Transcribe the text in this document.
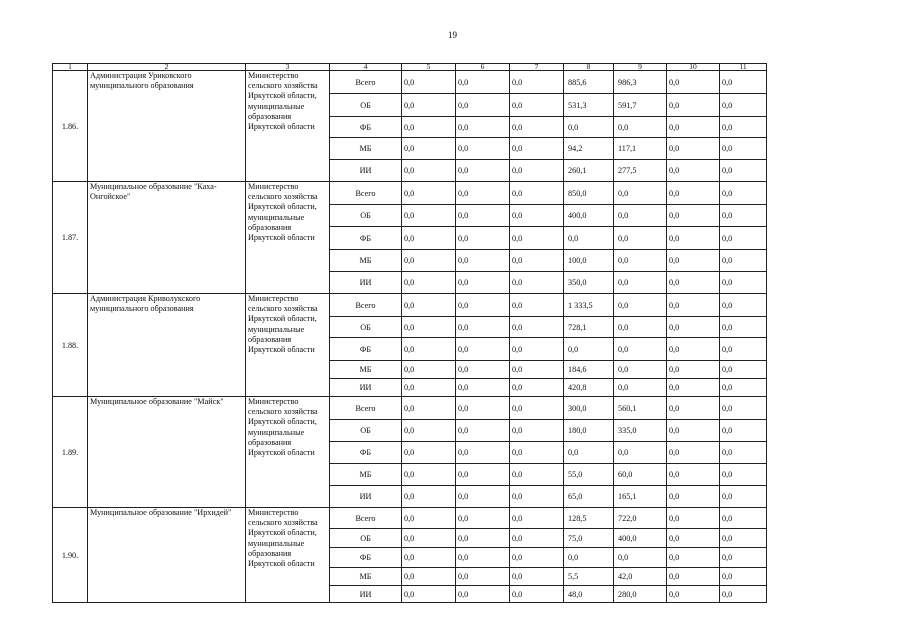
19
1	2	3	4	5	6	7	8	9	10	11
1.86.	Администрация Уриковского муниципального образования	Министерство сельского хозяйства Иркутской области, муниципальные образования Иркутской области	Всего	0,0	0,0	0,0	885,6	986,3	0,0	0,0
			ОБ	0,0	0,0	0,0	531,3	591,7	0,0	0,0
			ФБ	0,0	0,0	0,0	0,0	0,0	0,0	0,0
			МБ	0,0	0,0	0,0	94,2	117,1	0,0	0,0
			ИИ	0,0	0,0	0,0	260,1	277,5	0,0	0,0
1.87.	Муниципальное образование "Каха-Онгойское"	Министерство сельского хозяйства Иркутской области, муниципальные образования Иркутской области	Всего	0,0	0,0	0,0	850,0	0,0	0,0	0,0
			ОБ	0,0	0,0	0,0	400,0	0,0	0,0	0,0
			ФБ	0,0	0,0	0,0	0,0	0,0	0,0	0,0
			МБ	0,0	0,0	0,0	100,0	0,0	0,0	0,0
			ИИ	0,0	0,0	0,0	350,0	0,0	0,0	0,0
1.88.	Администрация Криволукского муниципального образования	Министерство сельского хозяйства Иркутской области, муниципальные образования Иркутской области	Всего	0,0	0,0	0,0	1 333,5	0,0	0,0	0,0
			ОБ	0,0	0,0	0,0	728,1	0,0	0,0	0,0
			ФБ	0,0	0,0	0,0	0,0	0,0	0,0	0,0
			МБ	0,0	0,0	0,0	184,6	0,0	0,0	0,0
			ИИ	0,0	0,0	0,0	420,8	0,0	0,0	0,0
1.89.	Муниципальное образование "Майск"	Министерство сельского хозяйства Иркутской области, муниципальные образования Иркутской области	Всего	0,0	0,0	0,0	300,0	560,1	0,0	0,0
			ОБ	0,0	0,0	0,0	180,0	335,0	0,0	0,0
			ФБ	0,0	0,0	0,0	0,0	0,0	0,0	0,0
			МБ	0,0	0,0	0,0	55,0	60,0	0,0	0,0
			ИИ	0,0	0,0	0,0	65,0	165,1	0,0	0,0
1.90.	Муниципальное образование "Ирхидей"	Министерство сельского хозяйства Иркутской области, муниципальные образования Иркутской области	Всего	0,0	0,0	0,0	128,5	722,0	0,0	0,0
			ОБ	0,0	0,0	0,0	75,0	400,0	0,0	0,0
			ФБ	0,0	0,0	0,0	0,0	0,0	0,0	0,0
			МБ	0,0	0,0	0,0	5,5	42,0	0,0	0,0
			ИИ	0,0	0,0	0,0	48,0	280,0	0,0	0,0
